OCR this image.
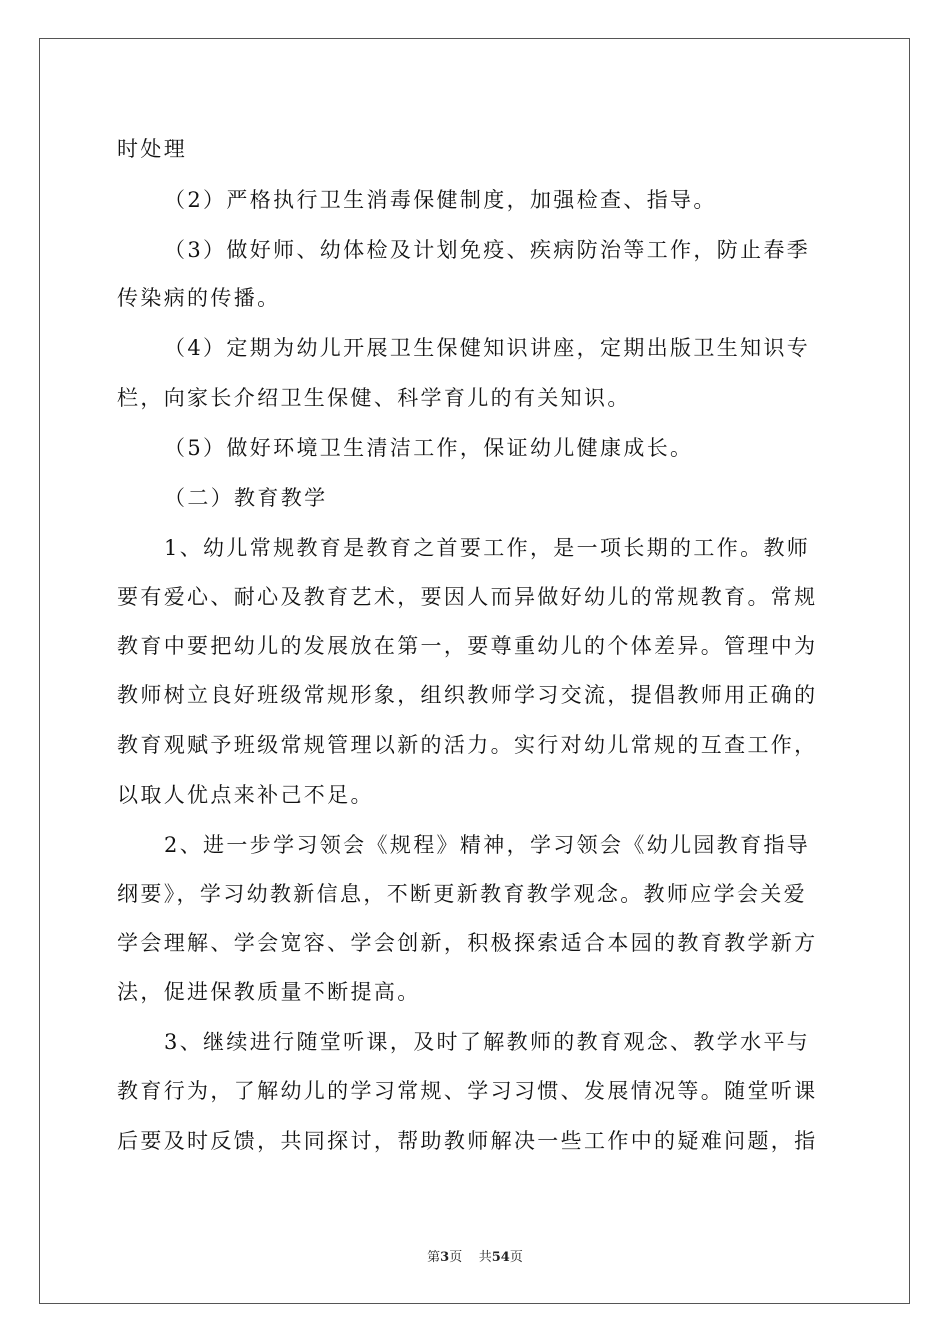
时处理
（2）严格执行卫生消毒保健制度，加强检查、指导。
（3）做好师、幼体检及计划免疫、疾病防治等工作，防止春季
传染病的传播。
（4）定期为幼儿开展卫生保健知识讲座，定期出版卫生知识专
栏，向家长介绍卫生保健、科学育儿的有关知识。
（5）做好环境卫生清洁工作，保证幼儿健康成长。
（二）教育教学
1、幼儿常规教育是教育之首要工作，是一项长期的工作。教师
要有爱心、耐心及教育艺术，要因人而异做好幼儿的常规教育。常规
教育中要把幼儿的发展放在第一，要尊重幼儿的个体差异。管理中为
教师树立良好班级常规形象，组织教师学习交流，提倡教师用正确的
教育观赋予班级常规管理以新的活力。实行对幼儿常规的互查工作，
以取人优点来补己不足。
2、进一步学习领会《规程》精神，学习领会《幼儿园教育指导
纲要》，学习幼教新信息，不断更新教育教学观念。教师应学会关爱
学会理解、学会宽容、学会创新，积极探索适合本园的教育教学新方
法，促进保教质量不断提高。
3、继续进行随堂听课，及时了解教师的教育观念、教学水平与
教育行为，了解幼儿的学习常规、学习习惯、发展情况等。随堂听课
后要及时反馈，共同探讨，帮助教师解决一些工作中的疑难问题，指
第3页 共54页
